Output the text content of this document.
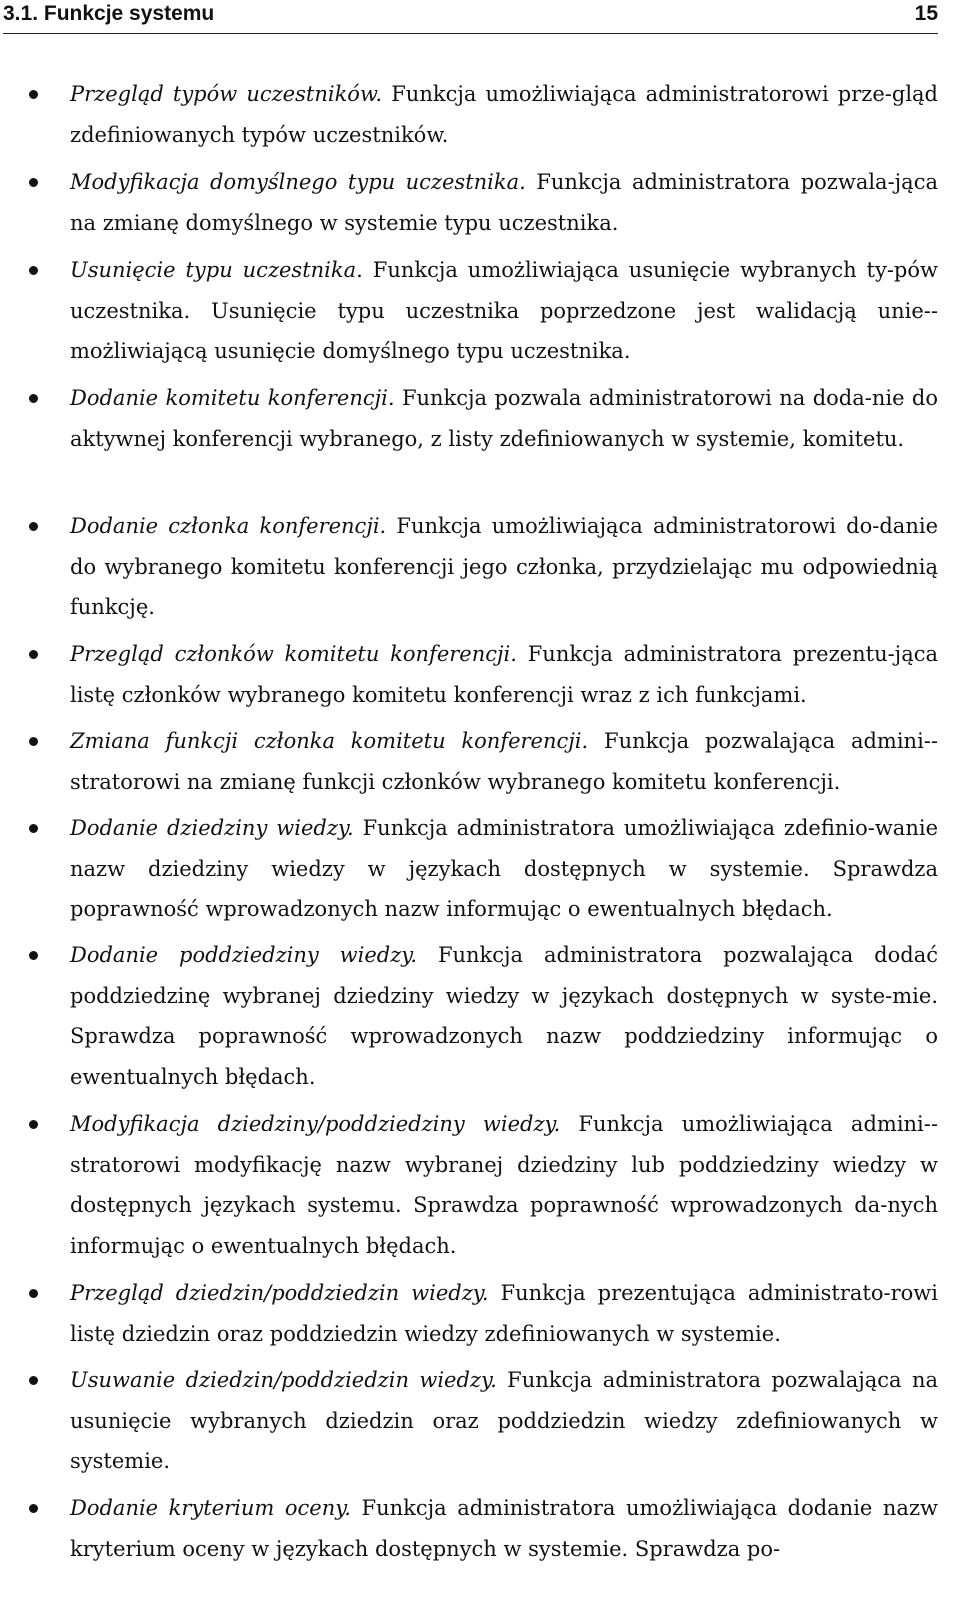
3.1. Funkcje systemu	15
Przegląd typów uczestników. Funkcja umożliwiająca administratorowi prze-gląd zdefiniowanych typów uczestników.
Modyfikacja domyślnego typu uczestnika. Funkcja administratora pozwala-jąca na zmianę domyślnego w systemie typu uczestnika.
Usunięcie typu uczestnika. Funkcja umożliwiająca usunięcie wybranych ty-pów uczestnika. Usunięcie typu uczestnika poprzedzone jest walidacją unie-możliwiającą usunięcie domyślnego typu uczestnika.
Dodanie komitetu konferencji. Funkcja pozwala administratorowi na doda-nie do aktywnej konferencji wybranego, z listy zdefiniowanych w systemie, komitetu.
Dodanie członka konferencji. Funkcja umożliwiająca administratorowi do-danie do wybranego komitetu konferencji jego członka, przydzielając mu odpowiednią funkcję.
Przegląd członków komitetu konferencji. Funkcja administratora prezentu-jąca listę członków wybranego komitetu konferencji wraz z ich funkcjami.
Zmiana funkcji członka komitetu konferencji. Funkcja pozwalająca admini-stratorowi na zmianę funkcji członków wybranego komitetu konferencji.
Dodanie dziedziny wiedzy. Funkcja administratora umożliwiająca zdefinio-wanie nazw dziedziny wiedzy w językach dostępnych w systemie. Sprawdza poprawność wprowadzonych nazw informując o ewentualnych błędach.
Dodanie poddziedziny wiedzy. Funkcja administratora pozwalająca dodać poddziedzinę wybranej dziedziny wiedzy w językach dostępnych w syste-mie. Sprawdza poprawność wprowadzonych nazw poddziedziny informując o ewentualnych błędach.
Modyfikacja dziedziny/poddziedziny wiedzy. Funkcja umożliwiająca admini-stratorowi modyfikację nazw wybranej dziedziny lub poddziedziny wiedzy w dostępnych językach systemu. Sprawdza poprawność wprowadzonych da-nych informując o ewentualnych błędach.
Przegląd dziedzin/poddziedzin wiedzy. Funkcja prezentująca administrato-rowi listę dziedzin oraz poddziedzin wiedzy zdefiniowanych w systemie.
Usuwanie dziedzin/poddziedzin wiedzy. Funkcja administratora pozwalająca na usunięcie wybranych dziedzin oraz poddziedzin wiedzy zdefiniowanych w systemie.
Dodanie kryterium oceny. Funkcja administratora umożliwiająca dodanie nazw kryterium oceny w językach dostępnych w systemie. Sprawdza po-
